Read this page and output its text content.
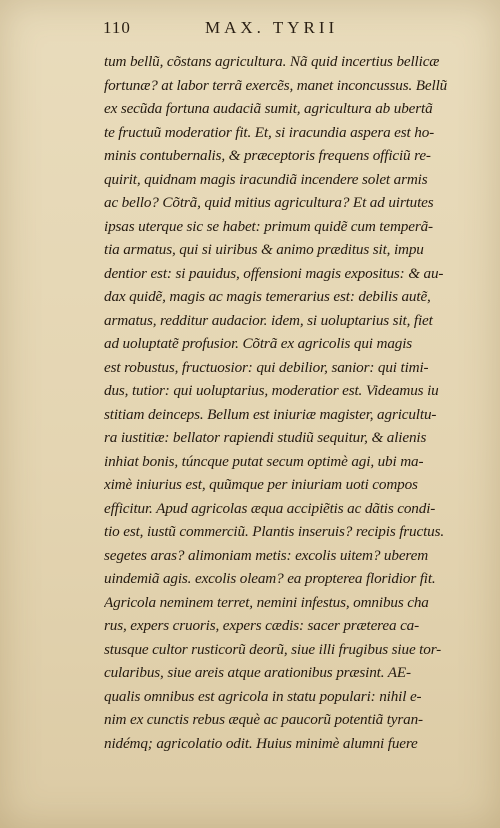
110	MAX. TYRII
tum bellũ, cõstans agricultura. Nã quid incertius bellicæ
fortunæ? at labor terrã exercẽs, manet inconcussus. Bellũ
ex secũda fortuna audaciã sumit, agricultura ab ubertã
te fructuũ moderatior fit. Et, si iracundia aspera est ho-
minis contubernalis, & præceptoris frequens officiũ re-
quirit, quidnam magis iracundiã incendere solet armis
ac bello? Cõtrã, quid mitius agricultura? Et ad uirtutes
ipsas uterque sic se habet: primum quidẽ cum temperã-
tia armatus, qui si uiribus & animo præditus sit, impu
dentior est: si pauidus, offensioni magis expositus: & au-
dax quidẽ, magis ac magis temerarius est: debilis autẽ,
armatus, redditur audacior. idem, si uoluptarius sit, fiet
ad uoluptatẽ profusior. Cõtrã ex agricolis qui magis
est robustus, fructuosior: qui debilior, sanior: qui timi-
dus, tutior: qui uoluptarius, moderatior est. Videamus iu
stitiam deinceps. Bellum est iniuriæ magister, agricultu-
ra iustitiæ: bellator rapiendi studiũ sequitur, & alienis
inhiat bonis, túncque putat secum optimè agi, ubi ma-
ximè iniurius est, quũmque per iniuriam uoti compos
efficitur. Apud agricolas æqua accipiẽtis ac dãtis condi-
tio est, iustũ commerciũ. Plantis inseruis? recipis fructus.
segetes aras? alimoniam metis: excolis uitem? uberem
uindemiã agis. excolis oleam? ea propterea floridior fit.
Agricola neminem terret, nemini infestus, omnibus cha
rus, expers cruoris, expers cædis: sacer præterea ca-
stusque cultor rusticorũ deorũ, siue illi frugibus siue tor-
cularibus, siue areis atque arationibus præsint. AE-
qualis omnibus est agricola in statu populari: nihil e-
nim ex cunctis rebus æquè ac paucorũ potentiã tyran-
nidémq; agricolatio odit. Huius minimè alumni fuere
